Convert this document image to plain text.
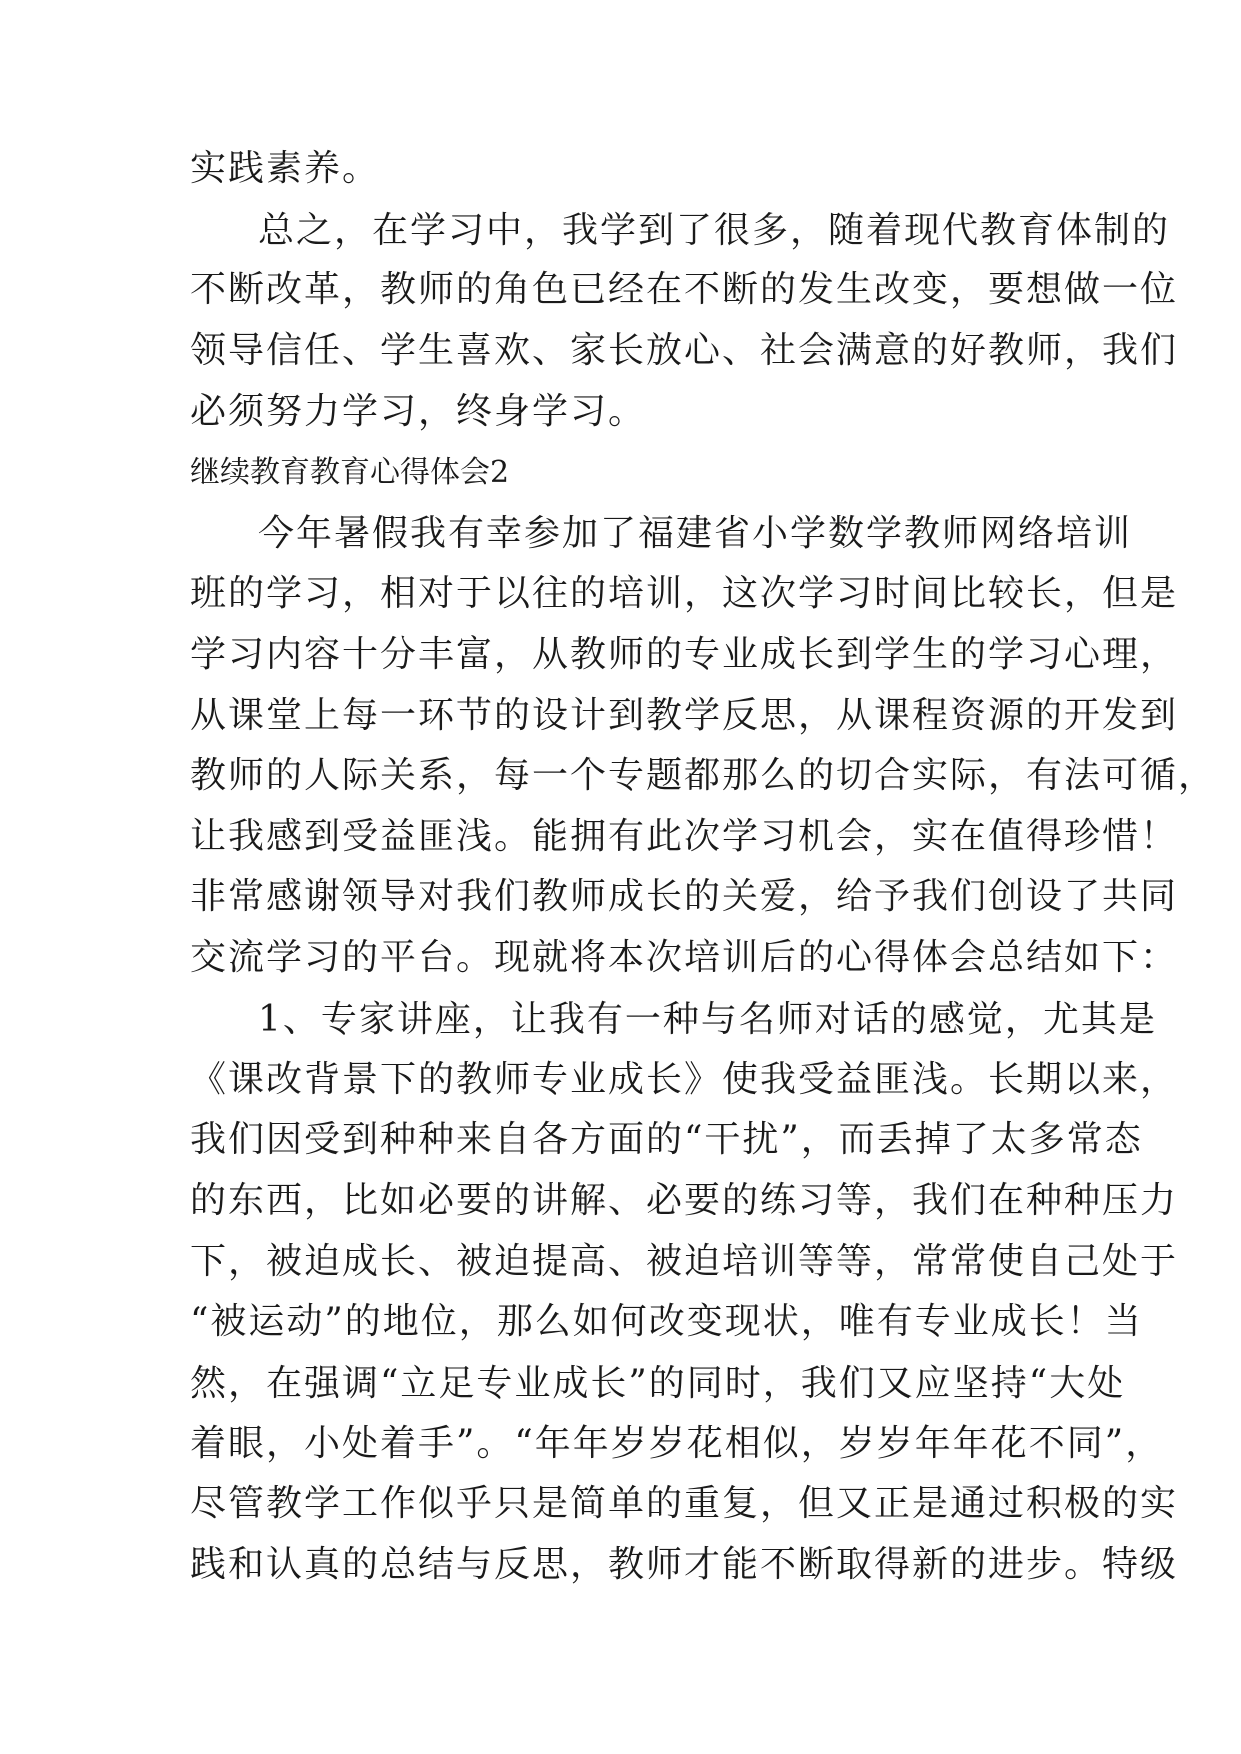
实践素养。
总之，在学习中，我学到了很多，随着现代教育体制的
不断改革，教师的角色已经在不断的发生改变，要想做一位
领导信任、学生喜欢、家长放心、社会满意的好教师，我们
必须努力学习，终身学习。
继续教育教育心得体会2
今年暑假我有幸参加了福建省小学数学教师网络培训
班的学习，相对于以往的培训，这次学习时间比较长，但是
学习内容十分丰富，从教师的专业成长到学生的学习心理，
从课堂上每一环节的设计到教学反思，从课程资源的开发到
教师的人际关系，每一个专题都那么的切合实际，有法可循，
让我感到受益匪浅。能拥有此次学习机会，实在值得珍惜！
非常感谢领导对我们教师成长的关爱，给予我们创设了共同
交流学习的平台。现就将本次培训后的心得体会总结如下：
1、专家讲座，让我有一种与名师对话的感觉，尤其是
《课改背景下的教师专业成长》使我受益匪浅。长期以来，
我们因受到种种来自各方面的“干扰”，而丢掉了太多常态
的东西，比如必要的讲解、必要的练习等，我们在种种压力
下，被迫成长、被迫提高、被迫培训等等，常常使自己处于
“被运动”的地位，那么如何改变现状，唯有专业成长！当
然，在强调“立足专业成长”的同时，我们又应坚持“大处
着眼，小处着手”。“年年岁岁花相似，岁岁年年花不同”，
尽管教学工作似乎只是简单的重复，但又正是通过积极的实
践和认真的总结与反思，教师才能不断取得新的进步。特级
